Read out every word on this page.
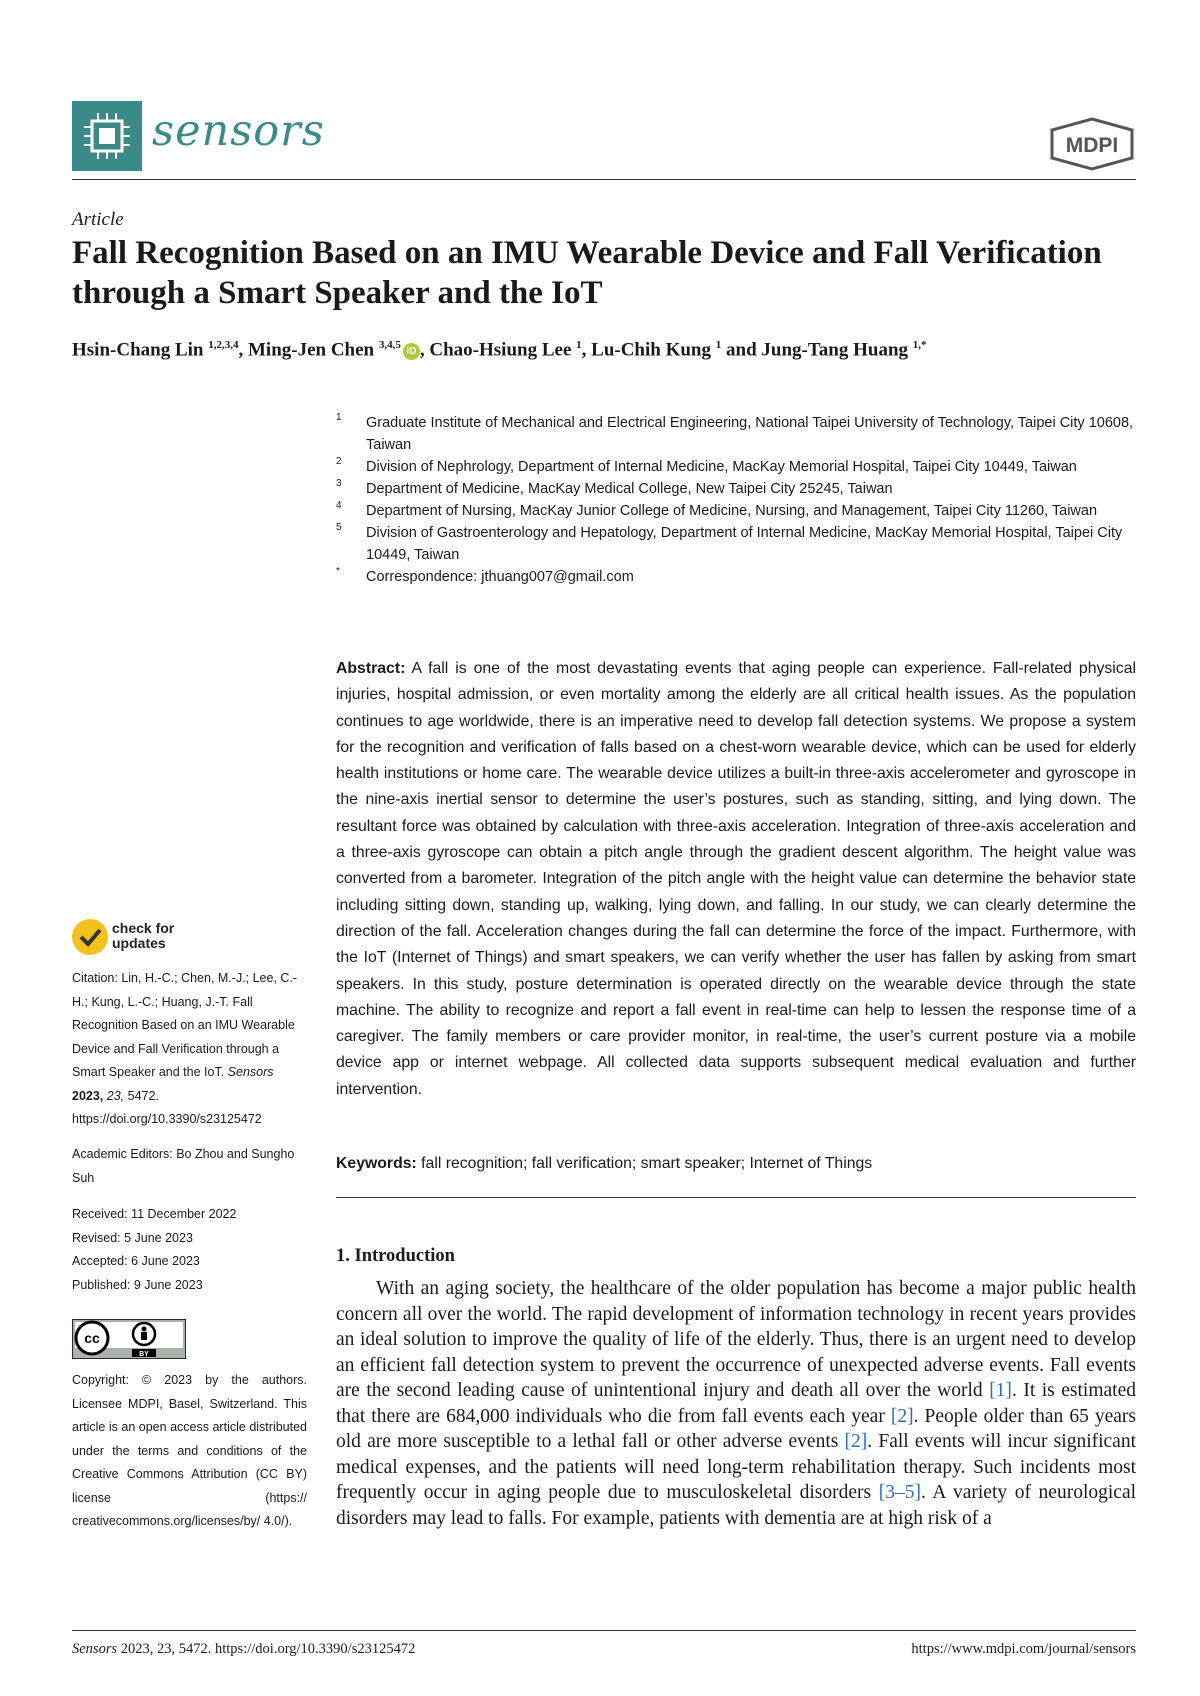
sensors	MDPI
Article
Fall Recognition Based on an IMU Wearable Device and Fall Verification through a Smart Speaker and the IoT
Hsin-Chang Lin $^{1,2,3,4}$, Ming-Jen Chen $^{3,4,5}$iD , Chao-Hsiung Lee $^1$, Lu-Chih Kung $^1$ and Jung-Tang Huang $^{1,*}$
1 Graduate Institute of Mechanical and Electrical Engineering, National Taipei University of Technology, Taipei City 10608, Taiwan
2 Division of Nephrology, Department of Internal Medicine, MacKay Memorial Hospital, Taipei City 10449, Taiwan
3 Department of Medicine, MacKay Medical College, New Taipei City 25245, Taiwan
4 Department of Nursing, MacKay Junior College of Medicine, Nursing, and Management, Taipei City 11260, Taiwan
5 Division of Gastroenterology and Hepatology, Department of Internal Medicine, MacKay Memorial Hospital, Taipei City 10449, Taiwan
* Correspondence: jthuang007@gmail.com
Abstract: A fall is one of the most devastating events that aging people can experience. Fall-related physical injuries, hospital admission, or even mortality among the elderly are all critical health issues. As the population continues to age worldwide, there is an imperative need to develop fall detection systems. We propose a system for the recognition and verification of falls based on a chest-worn wearable device, which can be used for elderly health institutions or home care. The wearable device utilizes a built-in three-axis accelerometer and gyroscope in the nine-axis inertial sensor to determine the user’s postures, such as standing, sitting, and lying down. The resultant force was obtained by calculation with three-axis acceleration. Integration of three-axis acceleration and a three-axis gyroscope can obtain a pitch angle through the gradient descent algorithm. The height value was converted from a barometer. Integration of the pitch angle with the height value can determine the behavior state including sitting down, standing up, walking, lying down, and falling. In our study, we can clearly determine the direction of the fall. Acceleration changes during the fall can determine the force of the impact. Furthermore, with the IoT (Internet of Things) and smart speakers, we can verify whether the user has fallen by asking from smart speakers. In this study, posture determination is operated directly on the wearable device through the state machine. The ability to recognize and report a fall event in real-time can help to lessen the response time of a caregiver. The family members or care provider monitor, in real-time, the user’s current posture via a mobile device app or internet webpage. All collected data supports subsequent medical evaluation and further intervention.
Keywords: fall recognition; fall verification; smart speaker; Internet of Things
check for
updates
Citation: Lin, H.-C.; Chen, M.-J.; Lee, C.-H.; Kung, L.-C.; Huang, J.-T. Fall Recognition Based on an IMU Wearable Device and Fall Verification through a Smart Speaker and the IoT. Sensors 2023, 23, 5472. https://doi.org/10.3390/s23125472
Academic Editors: Bo Zhou and Sungho Suh
Received: 11 December 2022
Revised: 5 June 2023
Accepted: 6 June 2023
Published: 9 June 2023
cc
BY
Copyright: © 2023 by the authors. Licensee MDPI, Basel, Switzerland. This article is an open access article distributed under the terms and conditions of the Creative Commons Attribution (CC BY) license (https:// creativecommons.org/licenses/by/ 4.0/).
1. Introduction
With an aging society, the healthcare of the older population has become a major public health concern all over the world. The rapid development of information technology in recent years provides an ideal solution to improve the quality of life of the elderly. Thus, there is an urgent need to develop an efficient fall detection system to prevent the occurrence of unexpected adverse events. Fall events are the second leading cause of unintentional injury and death all over the world [1]. It is estimated that there are 684,000 individuals who die from fall events each year [2]. People older than 65 years old are more susceptible to a lethal fall or other adverse events [2]. Fall events will incur significant medical expenses, and the patients will need long-term rehabilitation therapy. Such incidents most frequently occur in aging people due to musculoskeletal disorders [3–5]. A variety of neurological disorders may lead to falls. For example, patients with dementia are at high risk of a
Sensors 2023, 23, 5472. https://doi.org/10.3390/s23125472	https://www.mdpi.com/journal/sensors
